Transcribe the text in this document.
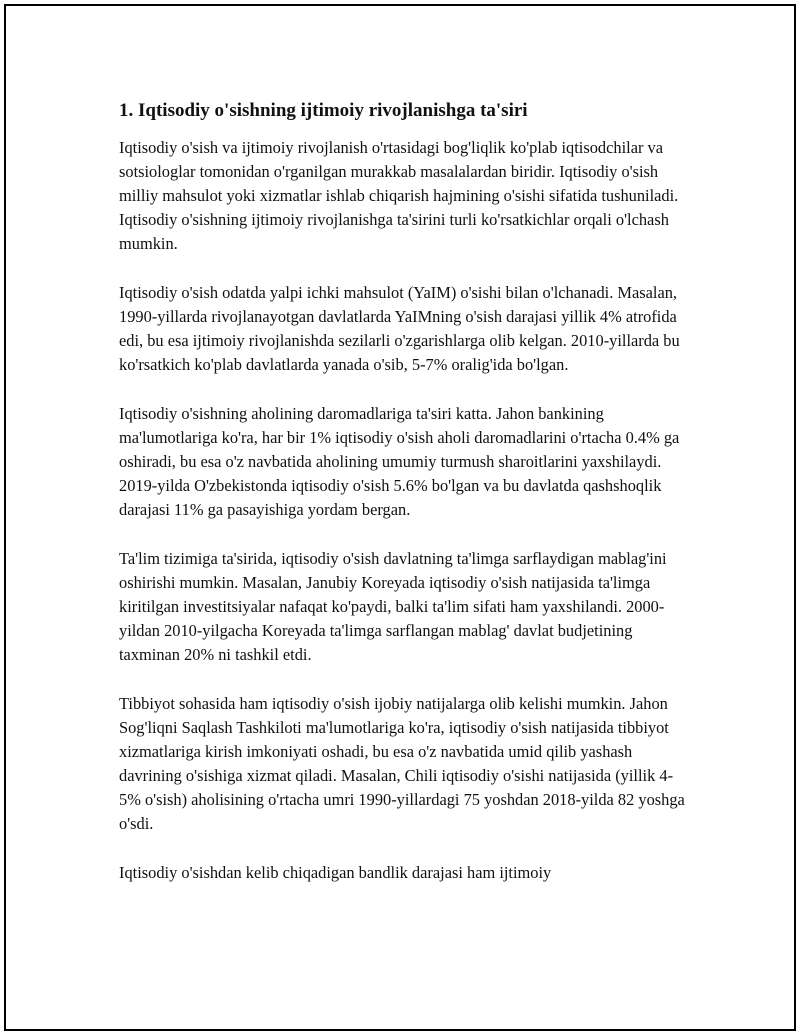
1. Iqtisodiy o'sishning ijtimoiy rivojlanishga ta'siri

Iqtisodiy o'sish va ijtimoiy rivojlanish o'rtasidagi bog'liqlik ko'plab iqtisodchilar va sotsiologlar tomonidan o'rganilgan murakkab masalalardan biridir. Iqtisodiy o'sish milliy mahsulot yoki xizmatlar ishlab chiqarish hajmining o'sishi sifatida tushuniladi. Iqtisodiy o'sishning ijtimoiy rivojlanishga ta'sirini turli ko'rsatkichlar orqali o'lchash mumkin.

Iqtisodiy o'sish odatda yalpi ichki mahsulot (YaIM) o'sishi bilan o'lchanadi. Masalan, 1990-yillarda rivojlanayotgan davlatlarda YaIMning o'sish darajasi yillik 4% atrofida edi, bu esa ijtimoiy rivojlanishda sezilarli o'zgarishlarga olib kelgan. 2010-yillarda bu ko'rsatkich ko'plab davlatlarda yanada o'sib, 5-7% oralig'ida bo'lgan.

Iqtisodiy o'sishning aholining daromadlariga ta'siri katta. Jahon bankining ma'lumotlariga ko'ra, har bir 1% iqtisodiy o'sish aholi daromadlarini o'rtacha 0.4% ga oshiradi, bu esa o'z navbatida aholining umumiy turmush sharoitlarini yaxshilaydi. 2019-yilda O'zbekistonda iqtisodiy o'sish 5.6% bo'lgan va bu davlatda qashshoqlik darajasi 11% ga pasayishiga yordam bergan.

Ta'lim tizimiga ta'sirida, iqtisodiy o'sish davlatning ta'limga sarflaydigan mablag'ini oshirishi mumkin. Masalan, Janubiy Koreyada iqtisodiy o'sish natijasida ta'limga kiritilgan investitsiyalar nafaqat ko'paydi, balki ta'lim sifati ham yaxshilandi. 2000-yildan 2010-yilgacha Koreyada ta'limga sarflangan mablag' davlat budjetining taxminan 20% ni tashkil etdi.

Tibbiyot sohasida ham iqtisodiy o'sish ijobiy natijalarga olib kelishi mumkin. Jahon Sog'liqni Saqlash Tashkiloti ma'lumotlariga ko'ra, iqtisodiy o'sish natijasida tibbiyot xizmatlariga kirish imkoniyati oshadi, bu esa o'z navbatida umid qilib yashash davrining o'sishiga xizmat qiladi. Masalan, Chili iqtisodiy o'sishi natijasida (yillik 4-5% o'sish) aholisining o'rtacha umri 1990-yillardagi 75 yoshdan 2018-yilda 82 yoshga o'sdi.

Iqtisodiy o'sishdan kelib chiqadigan bandlik darajasi ham ijtimoiy
